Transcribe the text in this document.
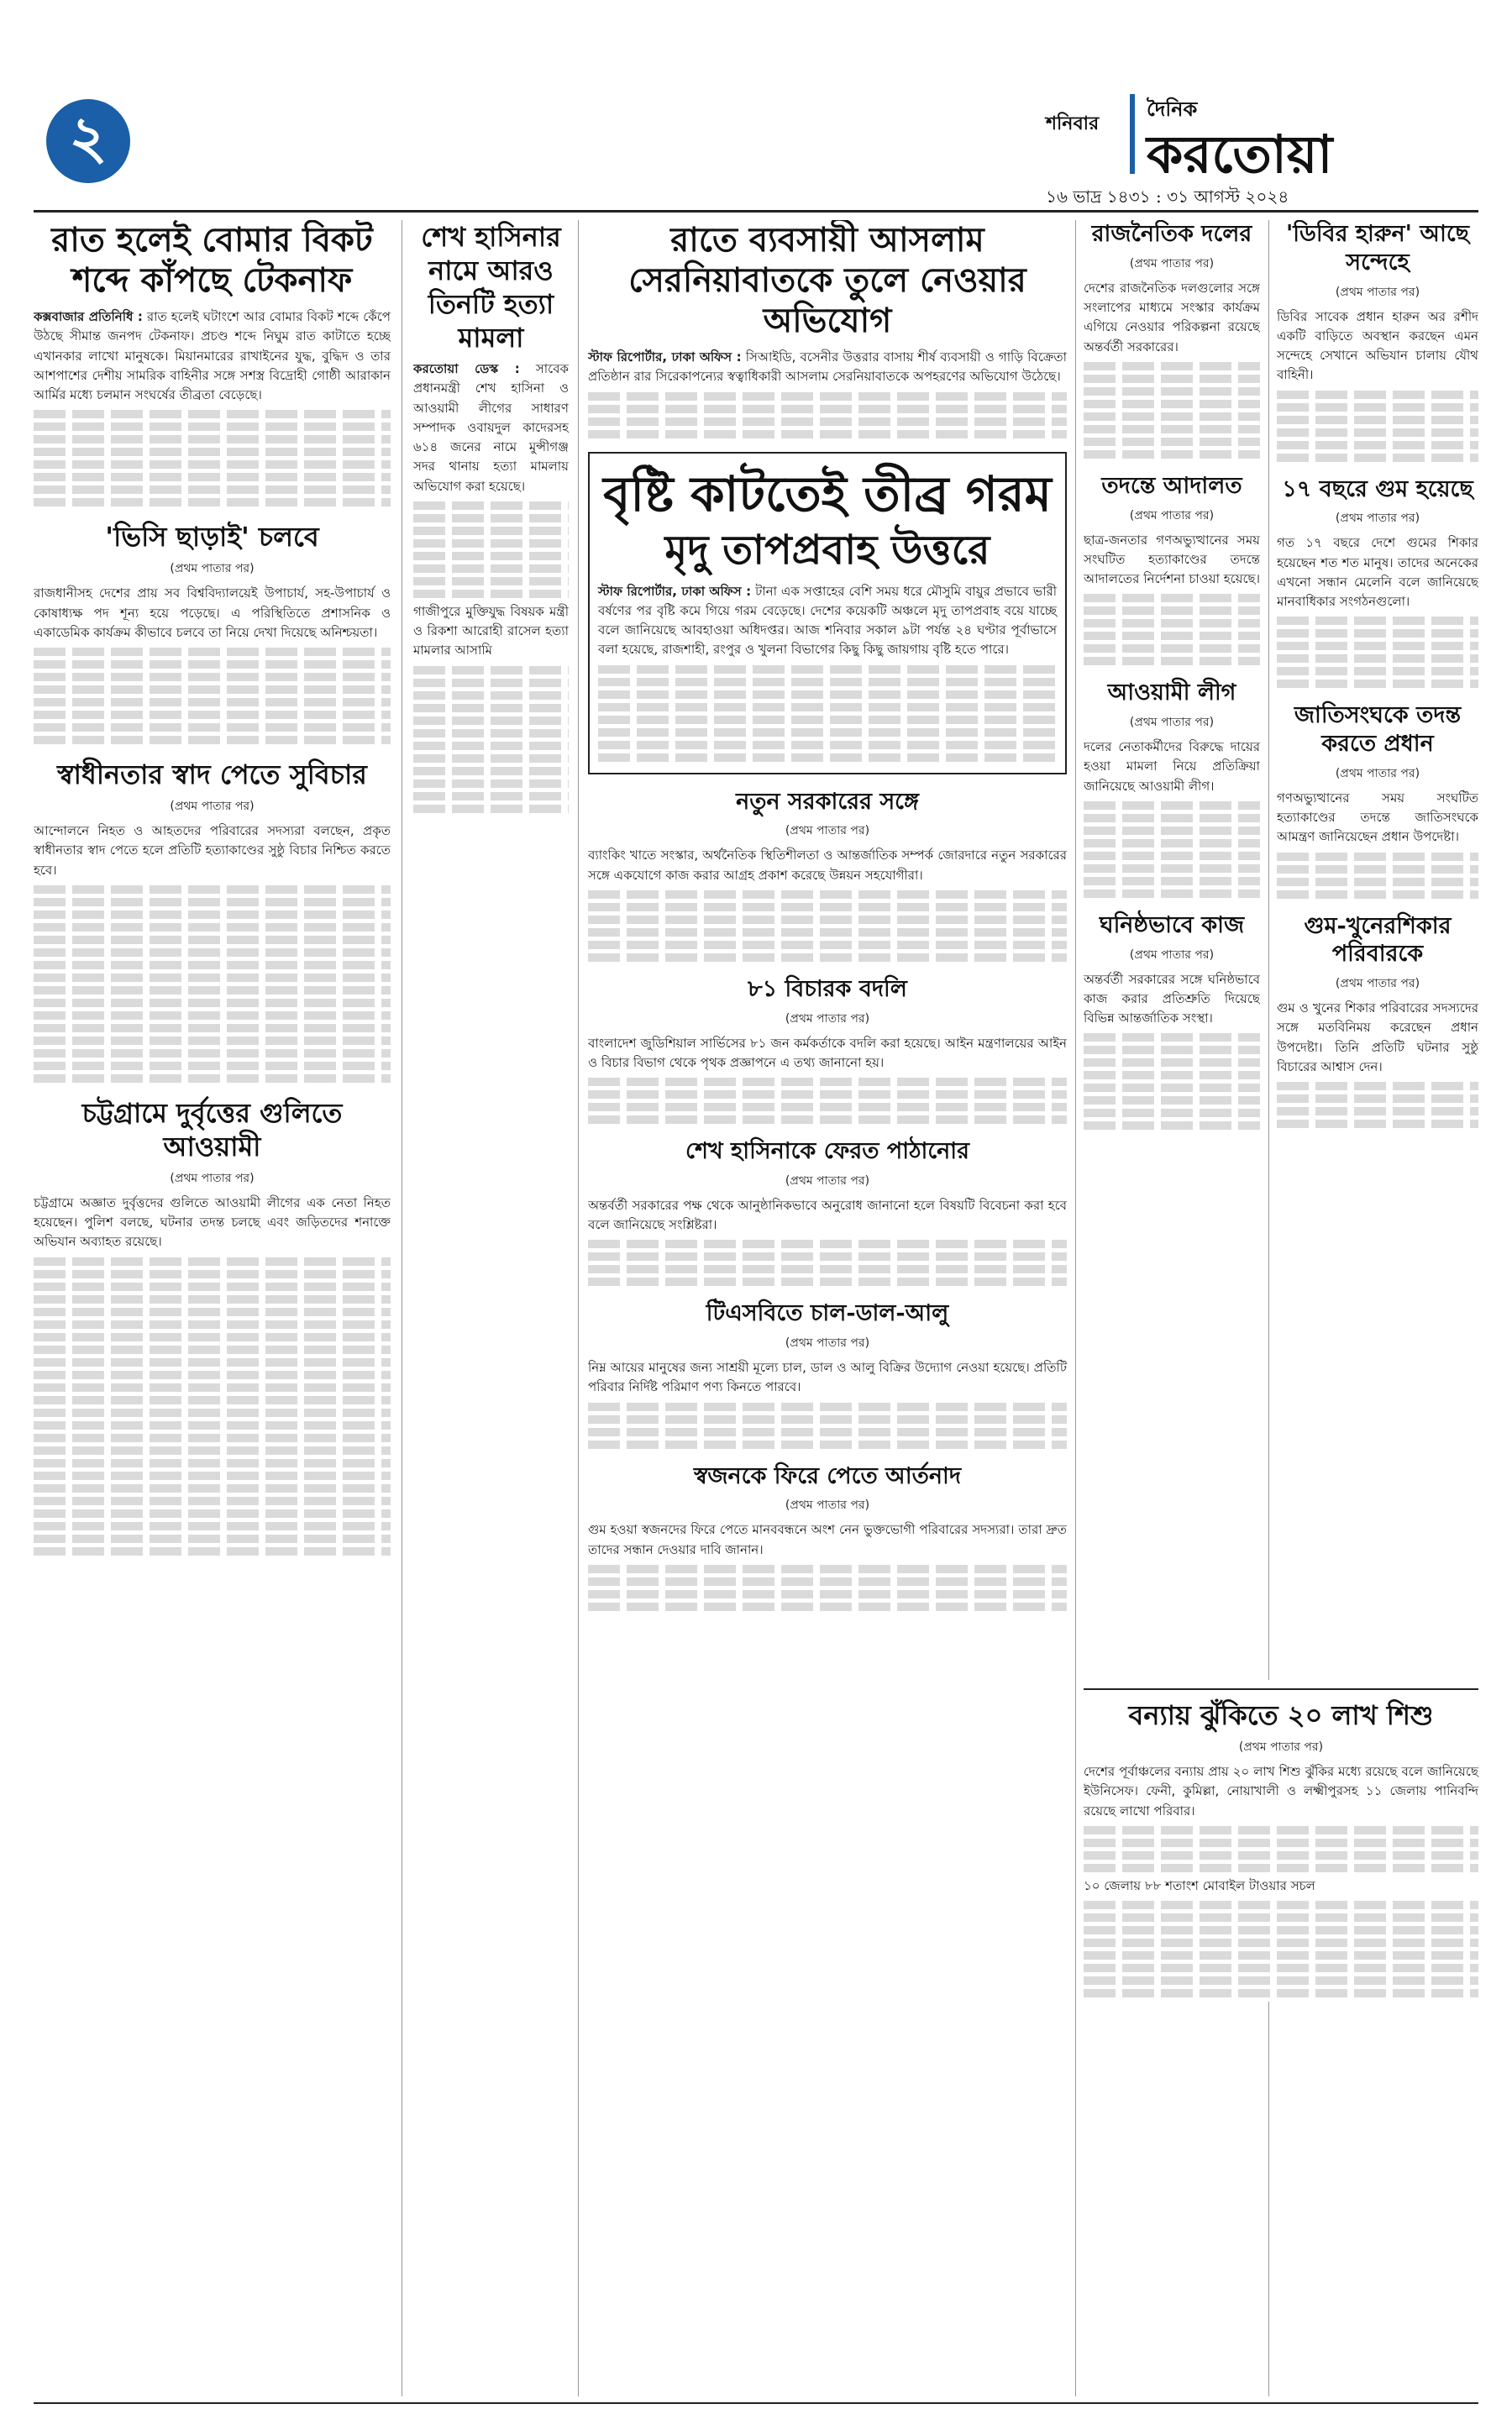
২	শনিবার
দৈনিক
করতোয়া
১৬ ভাদ্র ১৪৩১ : ৩১ আগস্ট ২০২৪
রাত হলেই বোমার বিকট শব্দে কাঁপছে টেকনাফ

কক্সবাজার প্রতিনিধি : রাত হলেই ঘটাংশে আর বোমার বিকট শব্দে কেঁপে উঠছে সীমান্ত জনপদ টেকনাফ। প্রচণ্ড শব্দে নিঘুম রাত কাটাতে হচ্ছে এখানকার লাখো মানুষকে। মিয়ানমারের রাখাইনের যুদ্ধ, বুদ্ধিদ ও তার আশপাশের দেশীয় সামরিক বাহিনীর সঙ্গে সশস্ত্র বিদ্রোহী গোষ্ঠী আরাকান আর্মির মধ্যে চলমান সংঘর্ষের তীব্রতা বেড়েছে।

'ভিসি ছাড়াই' চলবে
(প্রথম পাতার পর)

রাজধানীসহ দেশের প্রায় সব বিশ্ববিদ্যালয়েই উপাচার্য, সহ-উপাচার্য ও কোষাধ্যক্ষ পদ শূন্য হয়ে পড়েছে। এ পরিস্থিতিতে প্রশাসনিক ও একাডেমিক কার্যক্রম কীভাবে চলবে তা নিয়ে দেখা দিয়েছে অনিশ্চয়তা।

স্বাধীনতার স্বাদ পেতে সুবিচার
(প্রথম পাতার পর)

আন্দোলনে নিহত ও আহতদের পরিবারের সদস্যরা বলছেন, প্রকৃত স্বাধীনতার স্বাদ পেতে হলে প্রতিটি হত্যাকাণ্ডের সুষ্ঠু বিচার নিশ্চিত করতে হবে।

চট্টগ্রামে দুর্বৃত্তের গুলিতে আওয়ামী
(প্রথম পাতার পর)

চট্টগ্রামে অজ্ঞাত দুর্বৃত্তদের গুলিতে আওয়ামী লীগের এক নেতা নিহত হয়েছেন। পুলিশ বলছে, ঘটনার তদন্ত চলছে এবং জড়িতদের শনাক্তে অভিযান অব্যাহত রয়েছে।

শেখ হাসিনার নামে আরও তিনটি হত্যা মামলা

করতোয়া ডেস্ক : সাবেক প্রধানমন্ত্রী শেখ হাসিনা ও আওয়ামী লীগের সাধারণ সম্পাদক ওবায়দুল কাদেরসহ ৬১৪ জনের নামে মুন্সীগঞ্জ সদর থানায় হত্যা মামলায় অভিযোগ করা হয়েছে।

গাজীপুরে মুক্তিযুদ্ধ বিষয়ক মন্ত্রী ও রিকশা আরোহী রাসেল হত্যা মামলার আসামি

রাতে ব্যবসায়ী আসলাম সেরনিয়াবাতকে তুলে নেওয়ার অভিযোগ

স্টাফ রিপোর্টার, ঢাকা অফিস : সিআইডি, বসেনীর উত্তরার বাসায় শীর্ষ ব্যবসায়ী ও গাড়ি বিক্রেতা প্রতিষ্ঠান রার সিরেকাপন্যের স্বত্বাধিকারী আসলাম সেরনিয়াবাতকে অপহরণের অভিযোগ উঠেছে।

বৃষ্টি কাটতেই তীব্র গরম
মৃদু তাপপ্রবাহ উত্তরে

স্টাফ রিপোর্টার, ঢাকা অফিস : টানা এক সপ্তাহের বেশি সময় ধরে মৌসুমি বায়ুর প্রভাবে ভারী বর্ষণের পর বৃষ্টি কমে গিয়ে গরম বেড়েছে। দেশের কয়েকটি অঞ্চলে মৃদু তাপপ্রবাহ বয়ে যাচ্ছে বলে জানিয়েছে আবহাওয়া অধিদপ্তর। আজ শনিবার সকাল ৯টা পর্যন্ত ২৪ ঘণ্টার পূর্বাভাসে বলা হয়েছে, রাজশাহী, রংপুর ও খুলনা বিভাগের কিছু কিছু জায়গায় বৃষ্টি হতে পারে।

নতুন সরকারের সঙ্গে
(প্রথম পাতার পর)

ব্যাংকিং খাতে সংস্কার, অর্থনৈতিক স্থিতিশীলতা ও আন্তর্জাতিক সম্পর্ক জোরদারে নতুন সরকারের সঙ্গে একযোগে কাজ করার আগ্রহ প্রকাশ করেছে উন্নয়ন সহযোগীরা।

৮১ বিচারক বদলি
(প্রথম পাতার পর)

বাংলাদেশ জুডিশিয়াল সার্ভিসের ৮১ জন কর্মকর্তাকে বদলি করা হয়েছে। আইন মন্ত্রণালয়ের আইন ও বিচার বিভাগ থেকে পৃথক প্রজ্ঞাপনে এ তথ্য জানানো হয়।

শেখ হাসিনাকে ফেরত পাঠানোর
(প্রথম পাতার পর)

অন্তর্বর্তী সরকারের পক্ষ থেকে আনুষ্ঠানিকভাবে অনুরোধ জানানো হলে বিষয়টি বিবেচনা করা হবে বলে জানিয়েছে সংশ্লিষ্টরা।

টিএসবিতে চাল-ডাল-আলু
(প্রথম পাতার পর)

নিম্ন আয়ের মানুষের জন্য সাশ্রয়ী মূল্যে চাল, ডাল ও আলু বিক্রির উদ্যোগ নেওয়া হয়েছে। প্রতিটি পরিবার নির্দিষ্ট পরিমাণ পণ্য কিনতে পারবে।

স্বজনকে ফিরে পেতে আর্তনাদ
(প্রথম পাতার পর)

গুম হওয়া স্বজনদের ফিরে পেতে মানববন্ধনে অংশ নেন ভুক্তভোগী পরিবারের সদস্যরা। তারা দ্রুত তাদের সন্ধান দেওয়ার দাবি জানান।

রাজনৈতিক দলের
(প্রথম পাতার পর)

দেশের রাজনৈতিক দলগুলোর সঙ্গে সংলাপের মাধ্যমে সংস্কার কার্যক্রম এগিয়ে নেওয়ার পরিকল্পনা রয়েছে অন্তর্বর্তী সরকারের।

তদন্তে আদালত
(প্রথম পাতার পর)

ছাত্র-জনতার গণঅভ্যুত্থানের সময় সংঘটিত হত্যাকাণ্ডের তদন্তে আদালতের নির্দেশনা চাওয়া হয়েছে।

আওয়ামী লীগ
(প্রথম পাতার পর)

দলের নেতাকর্মীদের বিরুদ্ধে দায়ের হওয়া মামলা নিয়ে প্রতিক্রিয়া জানিয়েছে আওয়ামী লীগ।

ঘনিষ্ঠভাবে কাজ
(প্রথম পাতার পর)

অন্তর্বর্তী সরকারের সঙ্গে ঘনিষ্ঠভাবে কাজ করার প্রতিশ্রুতি দিয়েছে বিভিন্ন আন্তর্জাতিক সংস্থা।

'ডিবির হারুন' আছে সন্দেহে
(প্রথম পাতার পর)

ডিবির সাবেক প্রধান হারুন অর রশীদ একটি বাড়িতে অবস্থান করছেন এমন সন্দেহে সেখানে অভিযান চালায় যৌথ বাহিনী।

১৭ বছরে গুম হয়েছে
(প্রথম পাতার পর)

গত ১৭ বছরে দেশে গুমের শিকার হয়েছেন শত শত মানুষ। তাদের অনেকের এখনো সন্ধান মেলেনি বলে জানিয়েছে মানবাধিকার সংগঠনগুলো।

জাতিসংঘকে তদন্ত করতে প্রধান
(প্রথম পাতার পর)

গণঅভ্যুত্থানের সময় সংঘটিত হত্যাকাণ্ডের তদন্তে জাতিসংঘকে আমন্ত্রণ জানিয়েছেন প্রধান উপদেষ্টা।

গুম-খুনেরশিকার পরিবারকে
(প্রথম পাতার পর)

গুম ও খুনের শিকার পরিবারের সদস্যদের সঙ্গে মতবিনিময় করেছেন প্রধান উপদেষ্টা। তিনি প্রতিটি ঘটনার সুষ্ঠু বিচারের আশ্বাস দেন।

বন্যায় ঝুঁকিতে ২০ লাখ শিশু
(প্রথম পাতার পর)

দেশের পূর্বাঞ্চলের বন্যায় প্রায় ২০ লাখ শিশু ঝুঁকির মধ্যে রয়েছে বলে জানিয়েছে ইউনিসেফ। ফেনী, কুমিল্লা, নোয়াখালী ও লক্ষ্মীপুরসহ ১১ জেলায় পানিবন্দি রয়েছে লাখো পরিবার।

১০ জেলায় ৮৮ শতাংশ মোবাইল টাওয়ার সচল
